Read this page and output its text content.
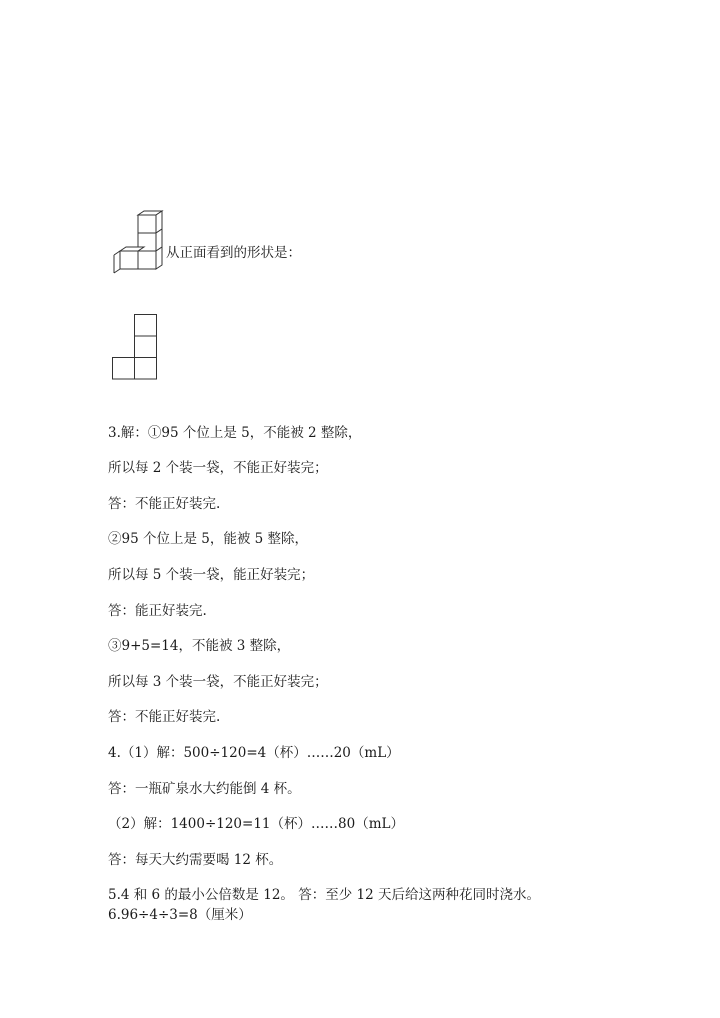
从正面看到的形状是：
3.解：①95 个位上是 5，不能被 2 整除，
所以每 2 个装一袋，不能正好装完；
答：不能正好装完.
②95 个位上是 5，能被 5 整除，
所以每 5 个装一袋，能正好装完；
答：能正好装完.
③9+5=14，不能被 3 整除，
所以每 3 个装一袋，不能正好装完；
答：不能正好装完.
4.（1）解：500÷120=4（杯）……20（mL）
答：一瓶矿泉水大约能倒 4 杯。
（2）解：1400÷120=11（杯）……80（mL）
答：每天大约需要喝 12 杯。
5.4 和 6 的最小公倍数是 12。 答：至少 12 天后给这两种花同时浇水。
6.96÷4÷3=8（厘米）
